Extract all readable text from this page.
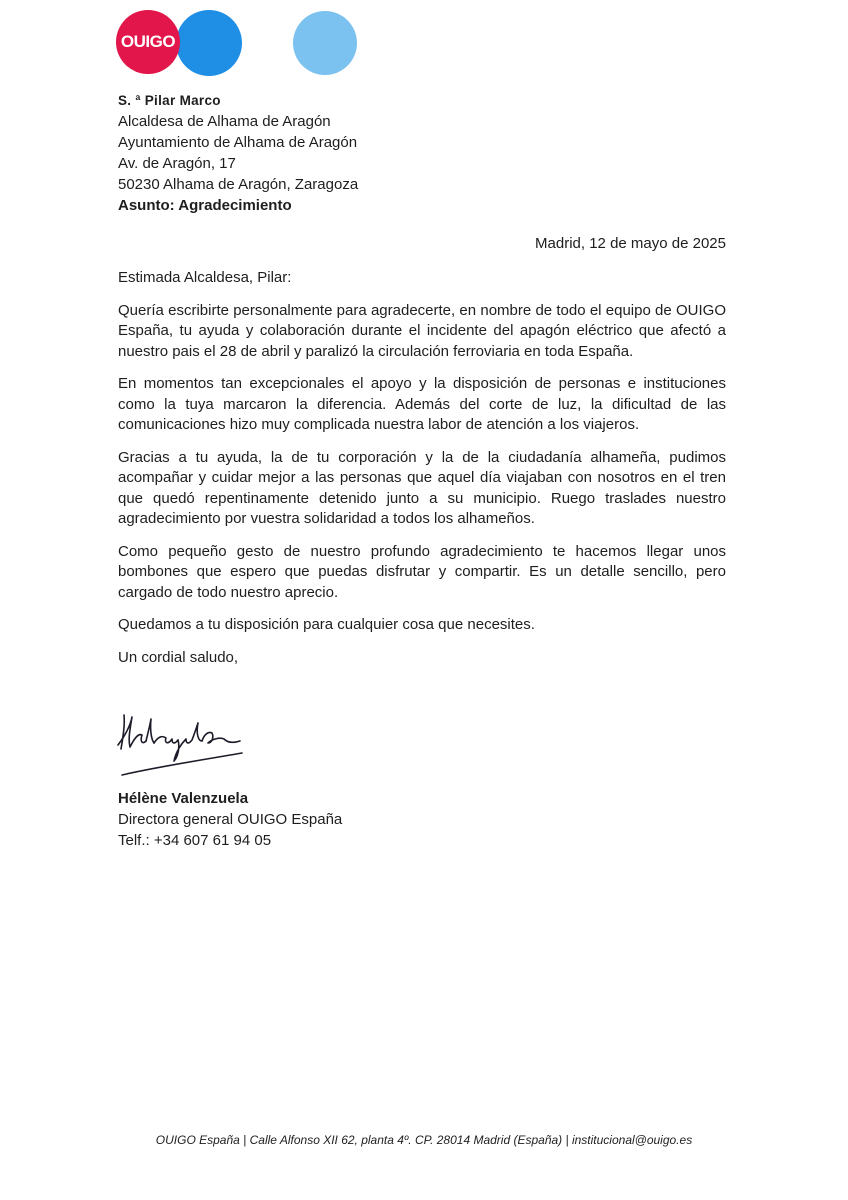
OUIGO
S. ª Pilar Marco
Alcaldesa de Alhama de Aragón
Ayuntamiento de Alhama de Aragón
Av. de Aragón, 17
50230 Alhama de Aragón, Zaragoza
Asunto: Agradecimiento
Madrid, 12 de mayo de 2025

Estimada Alcaldesa, Pilar:

Quería escribirte personalmente para agradecerte, en nombre de todo el equipo de OUIGO España, tu ayuda y colaboración durante el incidente del apagón eléctrico que afectó a nuestro pais el 28 de abril y paralizó la circulación ferroviaria en toda España.

En momentos tan excepcionales el apoyo y la disposición de personas e instituciones como la tuya marcaron la diferencia. Además del corte de luz, la dificultad de las comunicaciones hizo muy complicada nuestra labor de atención a los viajeros.

Gracias a tu ayuda, la de tu corporación y la de la ciudadanía alhameña, pudimos acompañar y cuidar mejor a las personas que aquel día viajaban con nosotros en el tren que quedó repentinamente detenido junto a su municipio. Ruego traslades nuestro agradecimiento por vuestra solidaridad a todos los alhameños.

Como pequeño gesto de nuestro profundo agradecimiento te hacemos llegar unos bombones que espero que puedas disfrutar y compartir. Es un detalle sencillo, pero cargado de todo nuestro aprecio.

Quedamos a tu disposición para cualquier cosa que necesites.

Un cordial saludo,

Hélène Valenzuela
Directora general OUIGO España
Telf.: +34 607 61 94 05
OUIGO España | Calle Alfonso XII 62, planta 4º. CP. 28014 Madrid (España) | institucional@ouigo.es
